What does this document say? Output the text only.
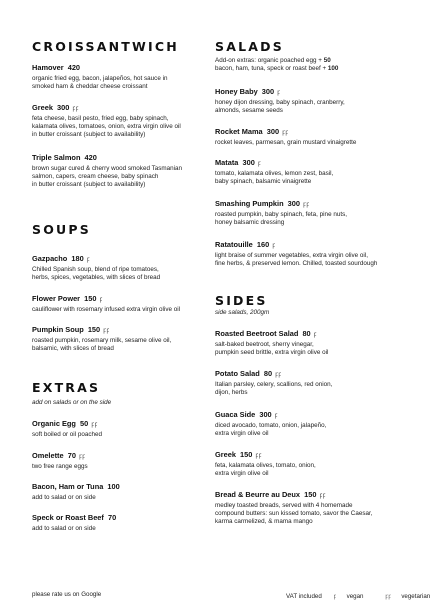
CROISSANTWICH
Hamover 420
organic fried egg, bacon, jalapeños, hot sauce in
smoked ham & cheddar cheese croissant
Greek 300 ꝼꝼ
feta cheese, basil pesto, fried egg, baby spinach,
kalamata olives, tomatoes, onion, extra virgin olive oil
in butter croissant (subject to availability)
Triple Salmon 420
brown sugar cured & cherry wood smoked Tasmanian
salmon, capers, cream cheese, baby spinach
in butter croissant (subject to availability)
SOUPS
Gazpacho 180 ꝼ
Chilled Spanish soup, blend of ripe tomatoes,
herbs, spices, vegetables, with slices of bread
Flower Power 150 ꝼ
cauliflower with rosemary infused extra virgin olive oil
Pumpkin Soup 150 ꝼꝼ
roasted pumpkin, rosemary milk, sesame olive oil,
balsamic, with slices of bread
EXTRAS
add on salads or on the side
Organic Egg 50 ꝼꝼ
soft boiled or oil poached
Omelette 70 ꝼꝼ
two free range eggs
Bacon, Ham or Tuna 100
add to salad or on side
Speck or Roast Beef 70
add to salad or on side
SALADS
Add-on extras: organic poached egg + 50
bacon, ham, tuna, speck or roast beef + 100
Honey Baby 300 ꝼ
honey dijon dressing, baby spinach, cranberry,
almonds, sesame seeds
Rocket Mama 300 ꝼꝼ
rocket leaves, parmesan, grain mustard vinaigrette
Matata 300 ꝼ
tomato, kalamata olives, lemon zest, basil,
baby spinach, balsamic vinaigrette
Smashing Pumpkin 300 ꝼꝼ
roasted pumpkin, baby spinach, feta, pine nuts,
honey balsamic dressing
Ratatouille 160 ꝼ
light braise of summer vegetables, extra virgin olive oil,
fine herbs, & preserved lemon. Chilled, toasted sourdough
SIDES
side salads, 200gm
Roasted Beetroot Salad 80 ꝼ
salt-baked beetroot, sherry vinegar,
pumpkin seed brittle, extra virgin olive oil
Potato Salad 80 ꝼꝼ
Italian parsley, celery, scallions, red onion,
dijon, herbs
Guaca Side 300 ꝼ
diced avocado, tomato, onion, jalapeño,
extra virgin olive oil
Greek 150 ꝼꝼ
feta, kalamata olives, tomato, onion,
extra virgin olive oil
Bread & Beurre au Deux 150 ꝼꝼ
medley toasted breads, served with 4 homemade
compound butters: sun kissed tomato, savor the Caesar,
karma carmelized, & mama mango
please rate us on Google	VAT included ꝼ vegan	ꝼꝼ vegetarian
